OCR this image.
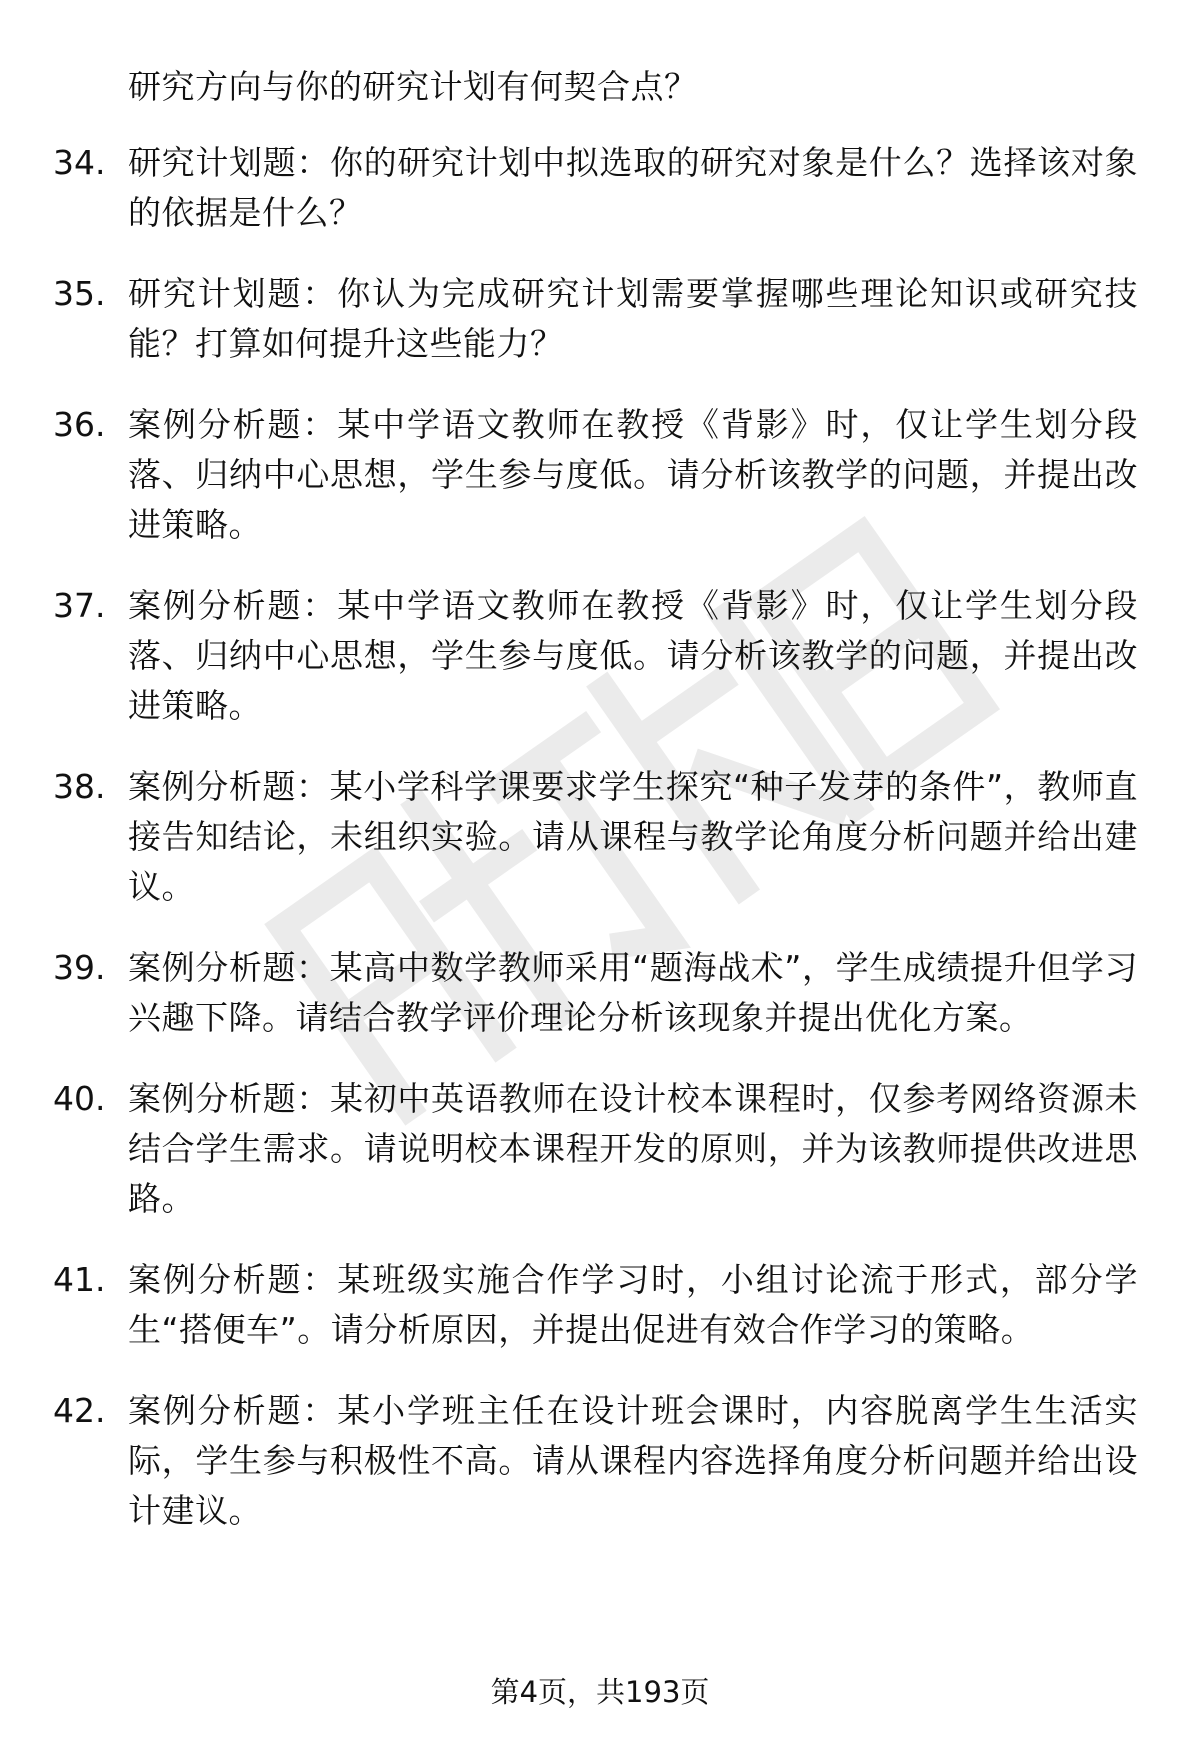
研究方向与你的研究计划有何契合点？
34. 研究计划题：你的研究计划中拟选取的研究对象是什么？选择该对象的依据是什么？
35. 研究计划题：你认为完成研究计划需要掌握哪些理论知识或研究技能？打算如何提升这些能力？
36. 案例分析题：某中学语文教师在教授《背影》时，仅让学生划分段落、归纳中心思想，学生参与度低。请分析该教学的问题，并提出改进策略。
37. 案例分析题：某中学语文教师在教授《背影》时，仅让学生划分段落、归纳中心思想，学生参与度低。请分析该教学的问题，并提出改进策略。
38. 案例分析题：某小学科学课要求学生探究“种子发芽的条件”，教师直接告知结论，未组织实验。请从课程与教学论角度分析问题并给出建议。
39. 案例分析题：某高中数学教师采用“题海战术”，学生成绩提升但学习兴趣下降。请结合教学评价理论分析该现象并提出优化方案。
40. 案例分析题：某初中英语教师在设计校本课程时，仅参考网络资源未结合学生需求。请说明校本课程开发的原则，并为该教师提供改进思路。
41. 案例分析题：某班级实施合作学习时，小组讨论流于形式，部分学生“搭便车”。请分析原因，并提出促进有效合作学习的策略。
42. 案例分析题：某小学班主任在设计班会课时，内容脱离学生生活实际，学生参与积极性不高。请从课程内容选择角度分析问题并给出设计建议。
第4页，共193页
